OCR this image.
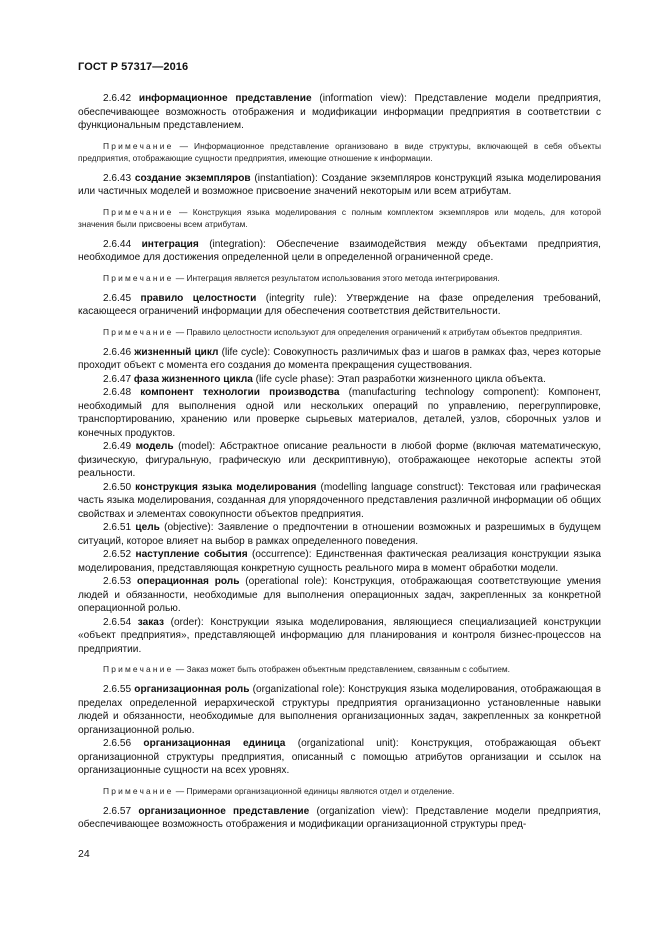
ГОСТ Р 57317—2016

2.6.42 информационное представление (information view): Представление модели предприятия, обеспечивающее возможность отображения и модификации информации предприятия в соответствии с функциональным представлением.

Примечание — Информационное представление организовано в виде структуры, включающей в себя объекты предприятия, отображающие сущности предприятия, имеющие отношение к информации.

2.6.43 создание экземпляров (instantiation): Создание экземпляров конструкций языка моделирования или частичных моделей и возможное присвоение значений некоторым или всем атрибутам.

Примечание — Конструкция языка моделирования с полным комплектом экземпляров или модель, для которой значения были присвоены всем атрибутам.

2.6.44 интеграция (integration): Обеспечение взаимодействия между объектами предприятия, необходимое для достижения определенной цели в определенной ограниченной среде.

Примечание — Интеграция является результатом использования этого метода интегрирования.

2.6.45 правило целостности (integrity rule): Утверждение на фазе определения требований, касающееся ограничений информации для обеспечения соответствия действительности.

Примечание — Правило целостности используют для определения ограничений к атрибутам объектов предприятия.

2.6.46 жизненный цикл (life cycle): Совокупность различимых фаз и шагов в рамках фаз, через которые проходит объект с момента его создания до момента прекращения существования.

2.6.47 фаза жизненного цикла (life cycle phase): Этап разработки жизненного цикла объекта.

2.6.48 компонент технологии производства (manufacturing technology component): Компонент, необходимый для выполнения одной или нескольких операций по управлению, перегруппировке, транспортированию, хранению или проверке сырьевых материалов, деталей, узлов, сборочных узлов и конечных продуктов.

2.6.49 модель (model): Абстрактное описание реальности в любой форме (включая математическую, физическую, фигуральную, графическую или дескриптивную), отображающее некоторые аспекты этой реальности.

2.6.50 конструкция языка моделирования (modelling language construct): Текстовая или графическая часть языка моделирования, созданная для упорядоченного представления различной информации об общих свойствах и элементах совокупности объектов предприятия.

2.6.51 цель (objective): Заявление о предпочтении в отношении возможных и разрешимых в будущем ситуаций, которое влияет на выбор в рамках определенного поведения.

2.6.52 наступление события (occurrence): Единственная фактическая реализация конструкции языка моделирования, представляющая конкретную сущность реального мира в момент обработки модели.

2.6.53 операционная роль (operational role): Конструкция, отображающая соответствующие умения людей и обязанности, необходимые для выполнения операционных задач, закрепленных за конкретной операционной ролью.

2.6.54 заказ (order): Конструкции языка моделирования, являющиеся специализацией конструкции «объект предприятия», представляющей информацию для планирования и контроля бизнес-процессов на предприятии.

Примечание — Заказ может быть отображен объектным представлением, связанным с событием.

2.6.55 организационная роль (organizational role): Конструкция языка моделирования, отображающая в пределах определенной иерархической структуры предприятия организационно установленные навыки людей и обязанности, необходимые для выполнения организационных задач, закрепленных за конкретной организационной ролью.

2.6.56 организационная единица (organizational unit): Конструкция, отображающая объект организационной структуры предприятия, описанный с помощью атрибутов организации и ссылок на организационные сущности на всех уровнях.

Примечание — Примерами организационной единицы являются отдел и отделение.

2.6.57 организационное представление (organization view): Представление модели предприятия, обеспечивающее возможность отображения и модификации организационной структуры пред-

24
